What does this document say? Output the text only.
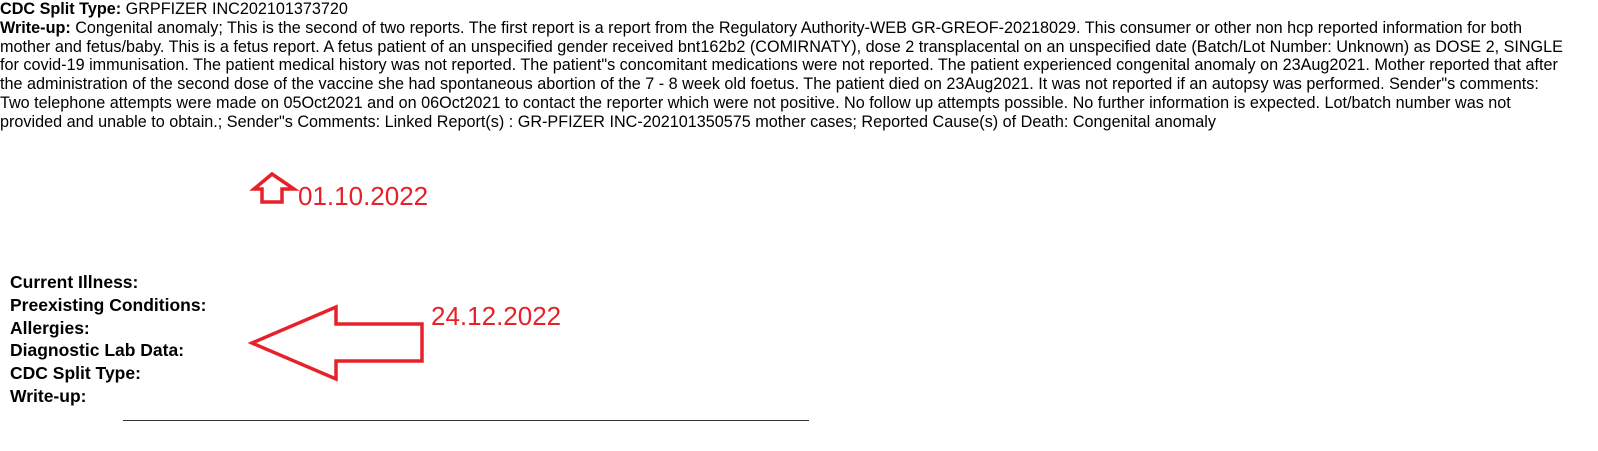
CDC Split Type: GRPFIZER INC202101373720
Write-up: Congenital anomaly; This is the second of two reports. The first report is a report from the Regulatory Authority-WEB GR-GREOF-20218029. This consumer or other non hcp reported information for both mother and fetus/baby. This is a fetus report. A fetus patient of an unspecified gender received bnt162b2 (COMIRNATY), dose 2 transplacental on an unspecified date (Batch/Lot Number: Unknown) as DOSE 2, SINGLE for covid-19 immunisation. The patient medical history was not reported. The patient"s concomitant medications were not reported. The patient experienced congenital anomaly on 23Aug2021. Mother reported that after the administration of the second dose of the vaccine she had spontaneous abortion of the 7 - 8 week old foetus. The patient died on 23Aug2021. It was not reported if an autopsy was performed. Sender"s comments: Two telephone attempts were made on 05Oct2021 and on 06Oct2021 to contact the reporter which were not positive. No follow up attempts possible. No further information is expected. Lot/batch number was not provided and unable to obtain.; Sender"s Comments: Linked Report(s) : GR-PFIZER INC-202101350575 mother cases; Reported Cause(s) of Death: Congenital anomaly
01.10.2022
Current Illness:
Preexisting Conditions:
Allergies:
Diagnostic Lab Data:
CDC Split Type:
Write-up:
24.12.2022
